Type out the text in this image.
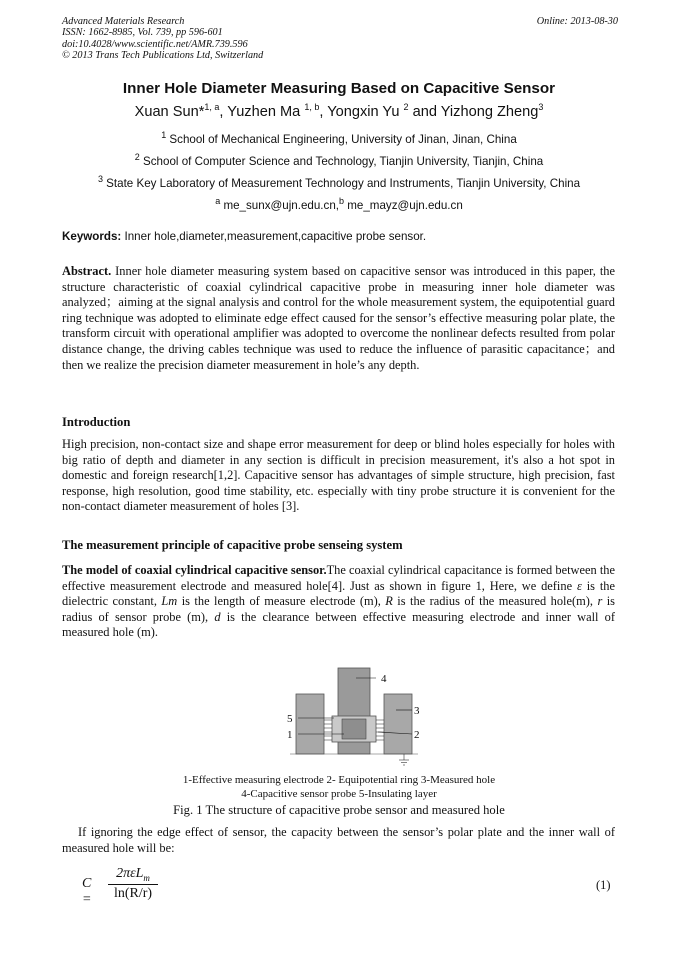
Advanced Materials Research
ISSN: 1662-8985, Vol. 739, pp 596-601
doi:10.4028/www.scientific.net/AMR.739.596
© 2013 Trans Tech Publications Ltd, Switzerland
Online: 2013-08-30
Inner Hole Diameter Measuring Based on Capacitive Sensor
Xuan Sun*$^{1, a}$, Yuzhen Ma $^{1, b}$, Yongxin Yu $^2$ and Yizhong Zheng$^3$
$^1$ School of Mechanical Engineering, University of Jinan, Jinan, China
$^2$ School of Computer Science and Technology, Tianjin University, Tianjin, China
$^3$ State Key Laboratory of Measurement Technology and Instruments, Tianjin University, China
$^a$ me_sunx@ujn.edu.cn,$^b$ me_mayz@ujn.edu.cn
Keywords: Inner hole,diameter,measurement,capacitive probe sensor.
Abstract. Inner hole diameter measuring system based on capacitive sensor was introduced in this paper, the structure characteristic of coaxial cylindrical capacitive probe in measuring inner hole diameter was analyzed；aiming at the signal analysis and control for the whole measurement system, the equipotential guard ring technique was adopted to eliminate edge effect caused for the sensor’s effective measuring polar plate, the transform circuit with operational amplifier was adopted to overcome the nonlinear defects resulted from polar distance change, the driving cables technique was used to reduce the influence of parasitic capacitance；and then we realize the precision diameter measurement in hole’s any depth.
Introduction
High precision, non-contact size and shape error measurement for deep or blind holes especially for holes with big ratio of depth and diameter in any section is difficult in precision measurement, it's also a hot spot in domestic and foreign research[1,2]. Capacitive sensor has advantages of simple structure, high precision, fast response, high resolution, good time stability, etc. especially with tiny probe structure it is convenient for the non-contact diameter measurement of holes [3].
The measurement principle of capacitive probe senseing system
The model of coaxial cylindrical capacitive sensor.The coaxial cylindrical capacitance is formed between the effective measurement electrode and measured hole[4]. Just as shown in figure 1, Here, we define ε is the dielectric constant, Lm is the length of measure electrode (m), R is the radius of the measured hole(m), r is radius of sensor probe (m), d is the clearance between effective measuring electrode and inner wall of measured hole (m).
4
3
5
1	2
1-Effective measuring electrode 2- Equipotential ring 3-Measured hole
4-Capacitive sensor probe 5-Insulating layer
Fig. 1 The structure of capacitive probe sensor and measured hole
If ignoring the edge effect of sensor, the capacity between the sensor’s polar plate and the inner wall of measured hole will be:
C =
2πεL$_m$
ln(R/r)
(1)
